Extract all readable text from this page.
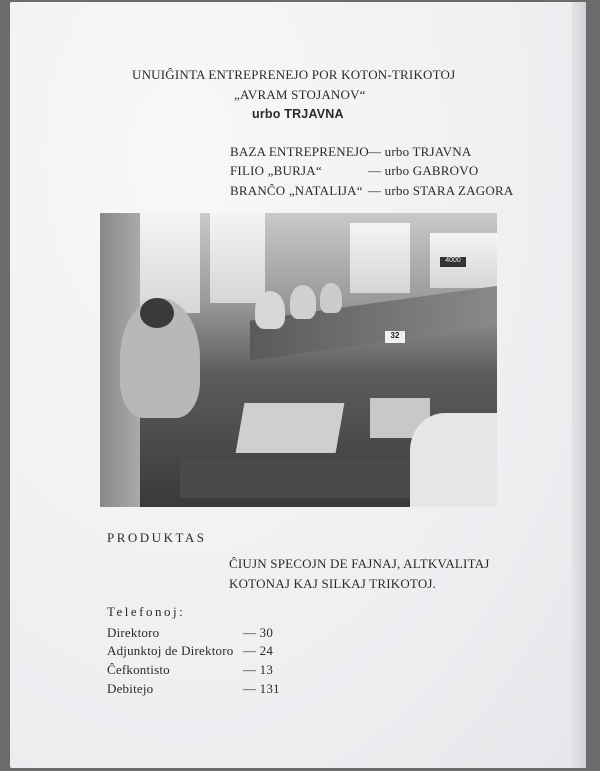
UNUIĜINTA ENTREPRENEJO POR KOTON-TRIKOTOJ
„AVRAM STOJANOV“
urbo TRJAVNA
BAZA ENTREPRENEJO — urbo TRJAVNA
FILIO „BURJA“	— urbo GABROVO
BRANĈO „NATALIJA“ — urbo STARA ZAGORA
4000
32
PRODUKTAS
ĈIUJN SPECOJN DE FAJNAJ, ALTKVALITAJ
KOTONAJ KAJ SILKAJ TRIKOTOJ.
Telefonoj:
Direktoro	— 30
Adjunktoj de Direktoro — 24
Ĉefkontisto	— 13
Debitejo	— 131
